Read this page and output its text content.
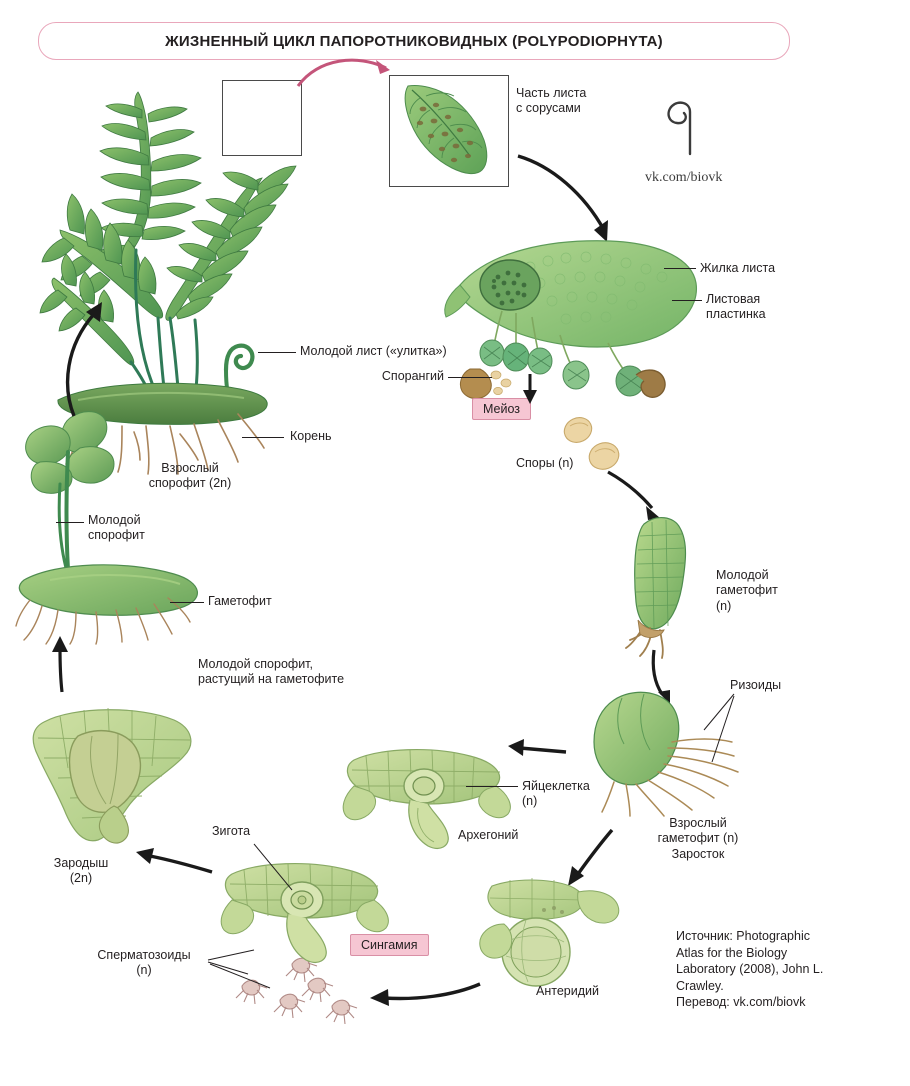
ЖИЗНЕННЫЙ ЦИКЛ ПАПОРОТНИКОВИДНЫХ (POLYPODIOPHYTA)
vk.com/biovk
Часть листа
с сорусами
Жилка листа
Листовая
пластинка
Спорангий
Молодой лист («улитка»)
Корень
Взрослый
спорофит (2n)
Мейоз
Споры (n)
Молодой
гаметофит
(n)
Ризоиды
Взрослый
гаметофит (n)
Заросток
Яйцеклетка
(n)
Архегоний
Антеридий
Сперматозоиды
(n)
Сингамия
Зигота
Зародыш
(2n)
Молодой
спорофит
Гаметофит
Молодой спорофит,
растущий на гаметофите
Источник: Photographic
Atlas for the Biology
Laboratory (2008), John L.
Crawley.
Перевод: vk.com/biovk
